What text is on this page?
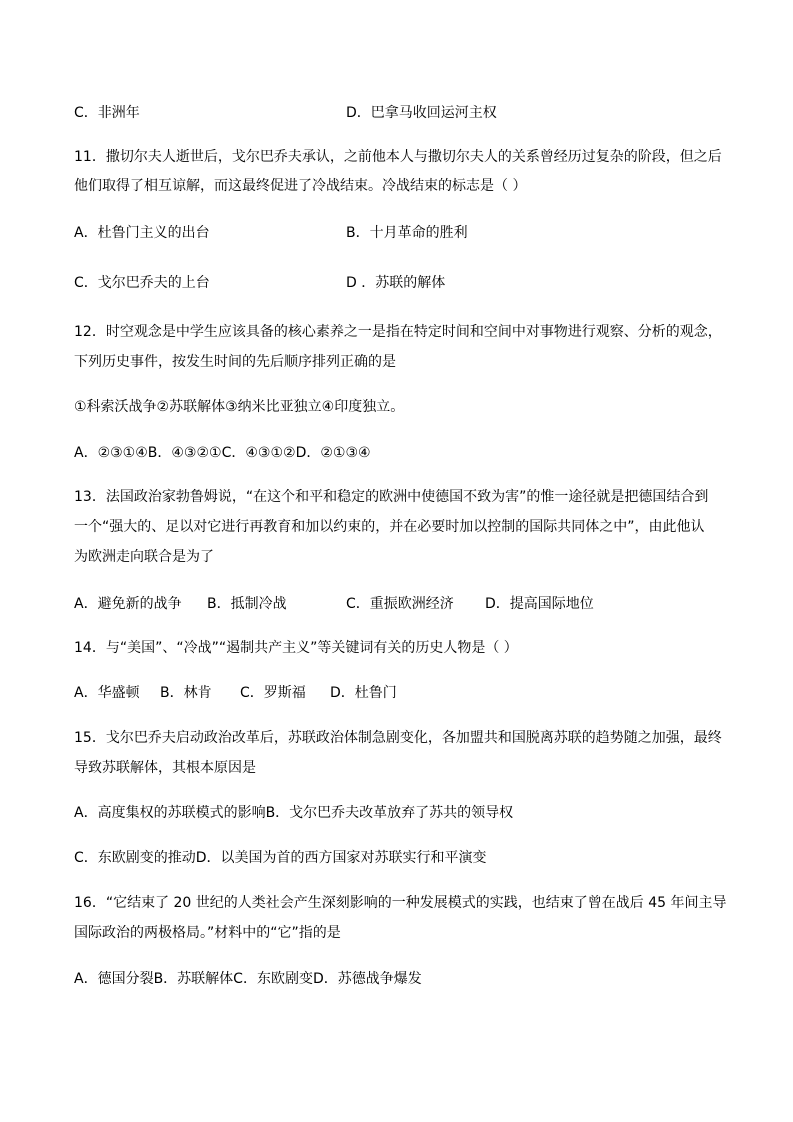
C．非洲年	D．巴拿马收回运河主权
11．撒切尔夫人逝世后，戈尔巴乔夫承认，之前他本人与撒切尔夫人的关系曾经历过复杂的阶段，但之后
他们取得了相互谅解，而这最终促进了冷战结束。冷战结束的标志是（ ）
A．杜鲁门主义的出台	B．十月革命的胜利
C．戈尔巴乔夫的上台	D ．苏联的解体
12．时空观念是中学生应该具备的核心素养之一是指在特定时间和空间中对事物进行观察、分析的观念，
下列历史事件，按发生时间的先后顺序排列正确的是
①科索沃战争②苏联解体③纳米比亚独立④印度独立。
A．②③①④B．④③②①C．④③①②D．②①③④
13．法国政治家勃鲁姆说，“在这个和平和稳定的欧洲中使德国不致为害”的惟一途径就是把德国结合到
一个“强大的、足以对它进行再教育和加以约束的，并在必要时加以控制的国际共同体之中”，由此他认
为欧洲走向联合是为了
A．避免新的战争 B．抵制冷战	C．重振欧洲经济 D．提高国际地位
14．与“美国”、“冷战”“遏制共产主义”等关键词有关的历史人物是（ ）
A．华盛顿 B．林肯 C．罗斯福 D．杜鲁门
15．戈尔巴乔夫启动政治改革后，苏联政治体制急剧变化，各加盟共和国脱离苏联的趋势随之加强，最终
导致苏联解体，其根本原因是
A．高度集权的苏联模式的影响B．戈尔巴乔夫改革放弃了苏共的领导权
C．东欧剧变的推动D．以美国为首的西方国家对苏联实行和平演变
16．“它结束了 20 世纪的人类社会产生深刻影响的一种发展模式的实践，也结束了曾在战后 45 年间主导
国际政治的两极格局。”材料中的“它”指的是
A．德国分裂B．苏联解体C．东欧剧变D．苏德战争爆发
